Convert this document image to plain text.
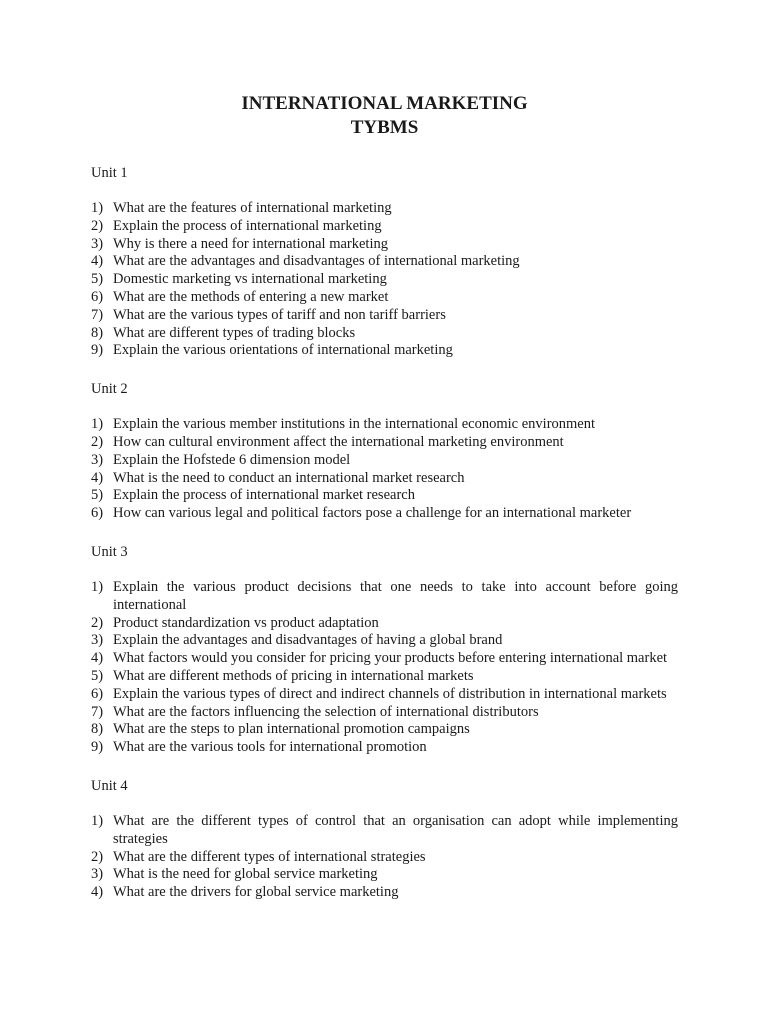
INTERNATIONAL MARKETING
TYBMS

Unit 1

1) What are the features of international marketing
2) Explain the process of international marketing
3) Why is there a need for international marketing
4) What are the advantages and disadvantages of international marketing
5) Domestic marketing vs international marketing
6) What are the methods of entering a new market
7) What are the various types of tariff and non tariff barriers
8) What are different types of trading blocks
9) Explain the various orientations of international marketing

Unit 2

1) Explain the various member institutions in the international economic environment
2) How can cultural environment affect the international marketing environment
3) Explain the Hofstede 6 dimension model
4) What is the need to conduct an international market research
5) Explain the process of international market research
6) How can various legal and political factors pose a challenge for an international marketer

Unit 3

1) Explain the various product decisions that one needs to take into account before going international
2) Product standardization vs product adaptation
3) Explain the advantages and disadvantages of having a global brand
4) What factors would you consider for pricing your products before entering international market
5) What are different methods of pricing in international markets
6) Explain the various types of direct and indirect channels of distribution in international markets
7) What are the factors influencing the selection of international distributors
8) What are the steps to plan international promotion campaigns
9) What are the various tools for international promotion

Unit 4

1) What are the different types of control that an organisation can adopt while implementing strategies
2) What are the different types of international strategies
3) What is the need for global service marketing
4) What are the drivers for global service marketing
